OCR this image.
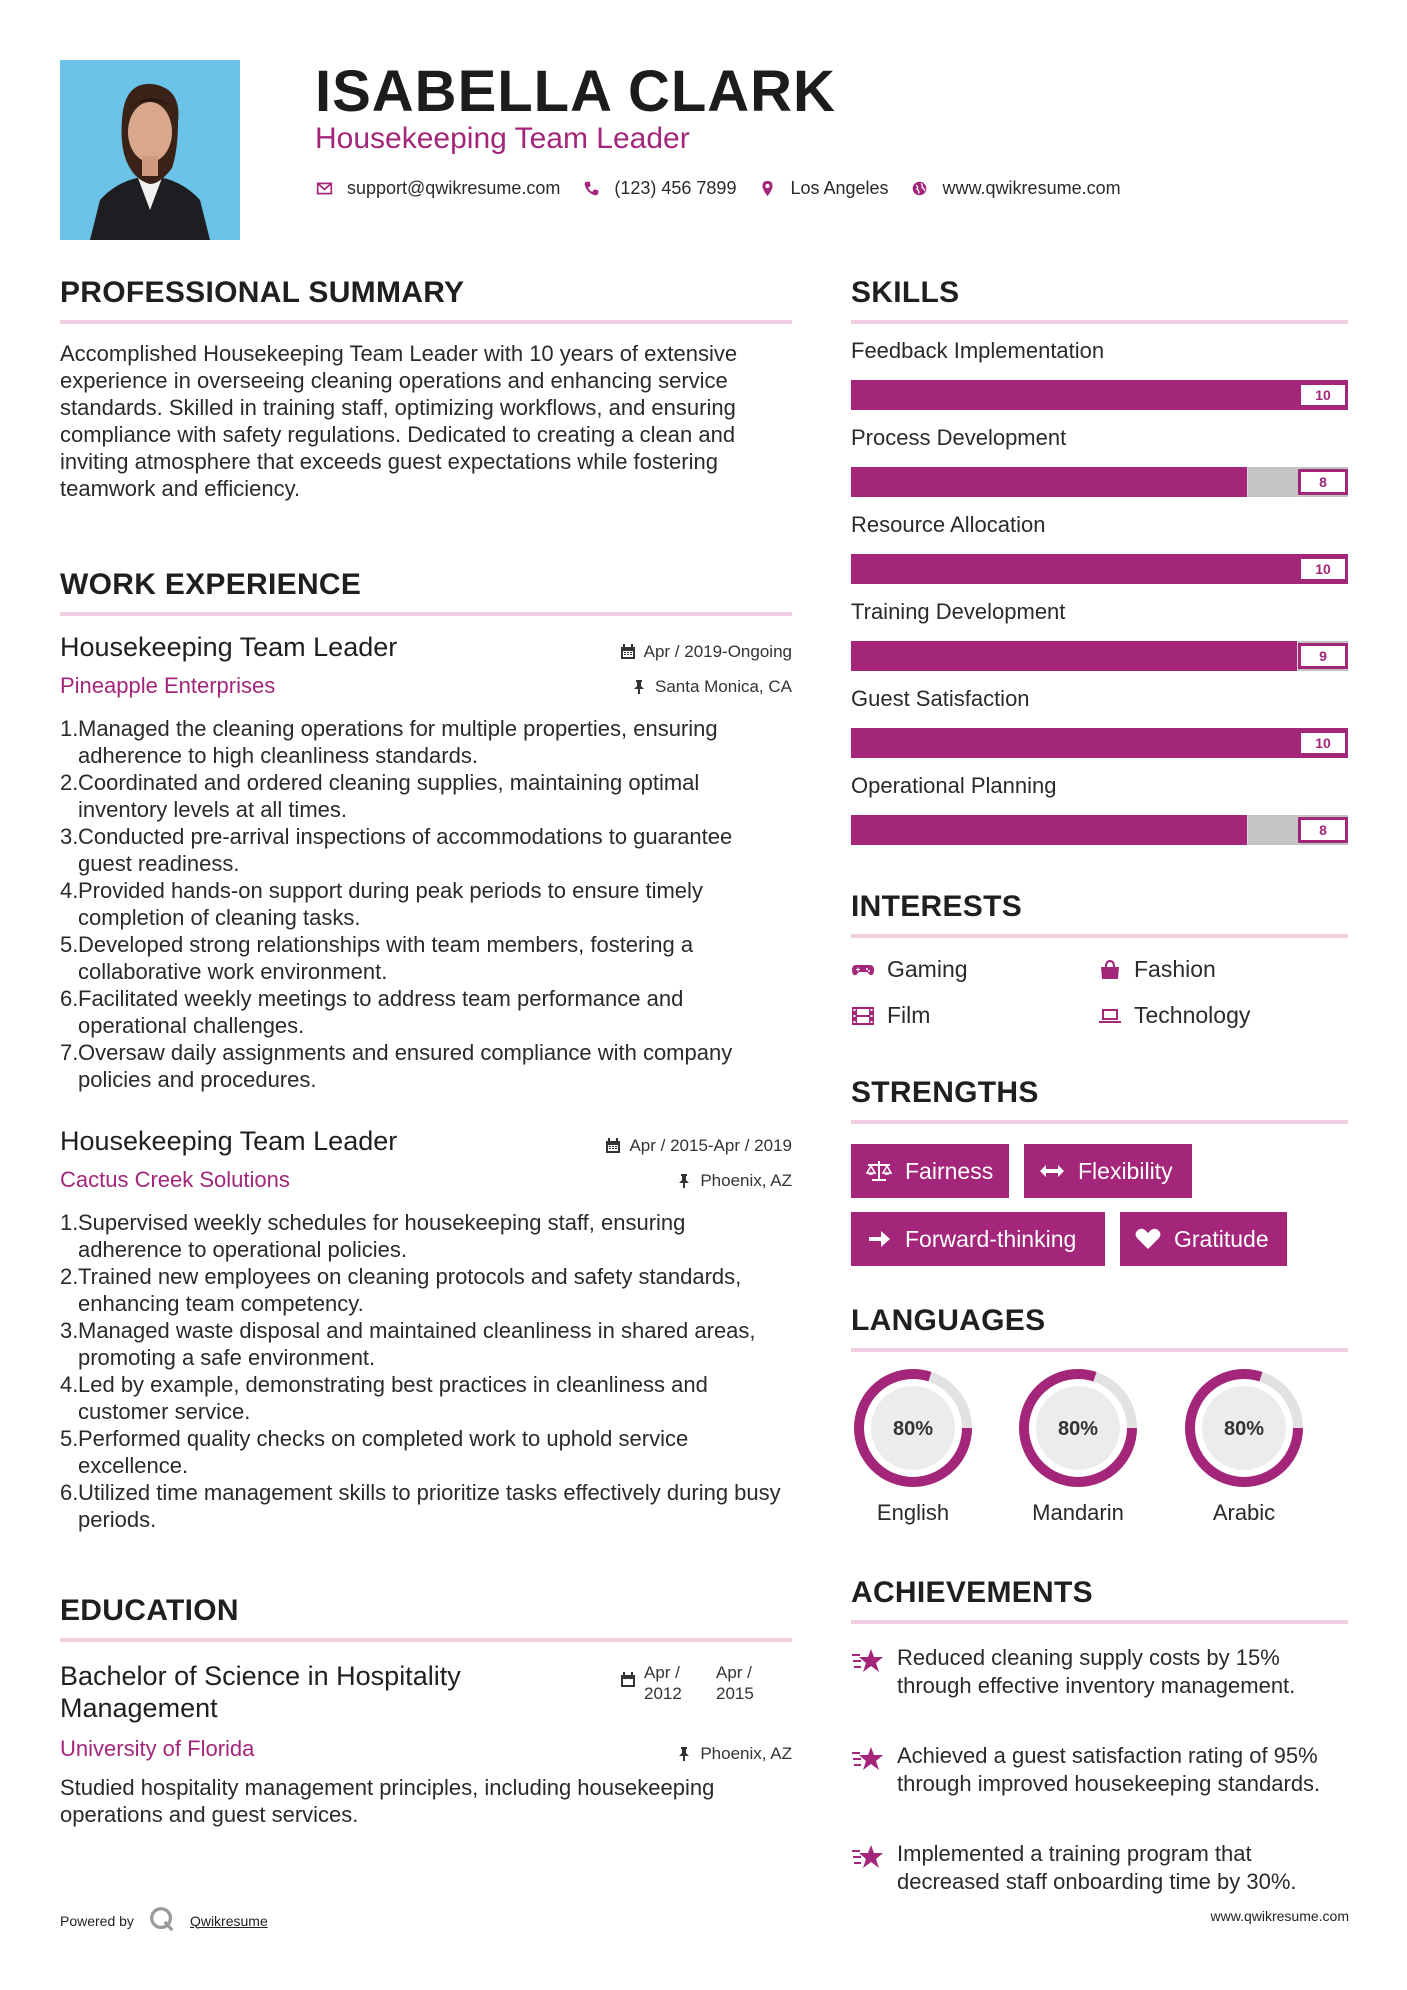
ISABELLA CLARK
Housekeeping Team Leader
support@qwikresume.com	(123) 456 7899	Los Angeles	www.qwikresume.com
PROFESSIONAL SUMMARY
Accomplished Housekeeping Team Leader with 10 years of extensive experience in overseeing cleaning operations and enhancing service standards. Skilled in training staff, optimizing workflows, and ensuring compliance with safety regulations. Dedicated to creating a clean and inviting atmosphere that exceeds guest expectations while fostering teamwork and efficiency.
WORK EXPERIENCE
Housekeeping Team Leader	Apr / 2019-Ongoing
Pineapple Enterprises	Santa Monica, CA
1. Managed the cleaning operations for multiple properties, ensuring adherence to high cleanliness standards.
2. Coordinated and ordered cleaning supplies, maintaining optimal inventory levels at all times.
3. Conducted pre-arrival inspections of accommodations to guarantee guest readiness.
4. Provided hands-on support during peak periods to ensure timely completion of cleaning tasks.
5. Developed strong relationships with team members, fostering a collaborative work environment.
6. Facilitated weekly meetings to address team performance and operational challenges.
7. Oversaw daily assignments and ensured compliance with company policies and procedures.
Housekeeping Team Leader	Apr / 2015-Apr / 2019
Cactus Creek Solutions	Phoenix, AZ
1. Supervised weekly schedules for housekeeping staff, ensuring adherence to operational policies.
2. Trained new employees on cleaning protocols and safety standards, enhancing team competency.
3. Managed waste disposal and maintained cleanliness in shared areas, promoting a safe environment.
4. Led by example, demonstrating best practices in cleanliness and customer service.
5. Performed quality checks on completed work to uphold service excellence.
6. Utilized time management skills to prioritize tasks effectively during busy periods.
EDUCATION
Bachelor of Science in Hospitality Management
Apr / 2012
Apr / 2015
University of Florida	Phoenix, AZ
Studied hospitality management principles, including housekeeping operations and guest services.
SKILLS
Feedback Implementation
10
Process Development
8
Resource Allocation
10
Training Development
9
Guest Satisfaction
10
Operational Planning
8
INTERESTS
Gaming	Fashion
Film	Technology
STRENGTHS
Fairness	Flexibility
Forward-thinking	Gratitude
LANGUAGES
80%
English
80%
Mandarin
80%
Arabic
ACHIEVEMENTS
Reduced cleaning supply costs by 15% through effective inventory management.
Achieved a guest satisfaction rating of 95% through improved housekeeping standards.
Implemented a training program that decreased staff onboarding time by 30%.
Powered by	Qwikresume	www.qwikresume.com
